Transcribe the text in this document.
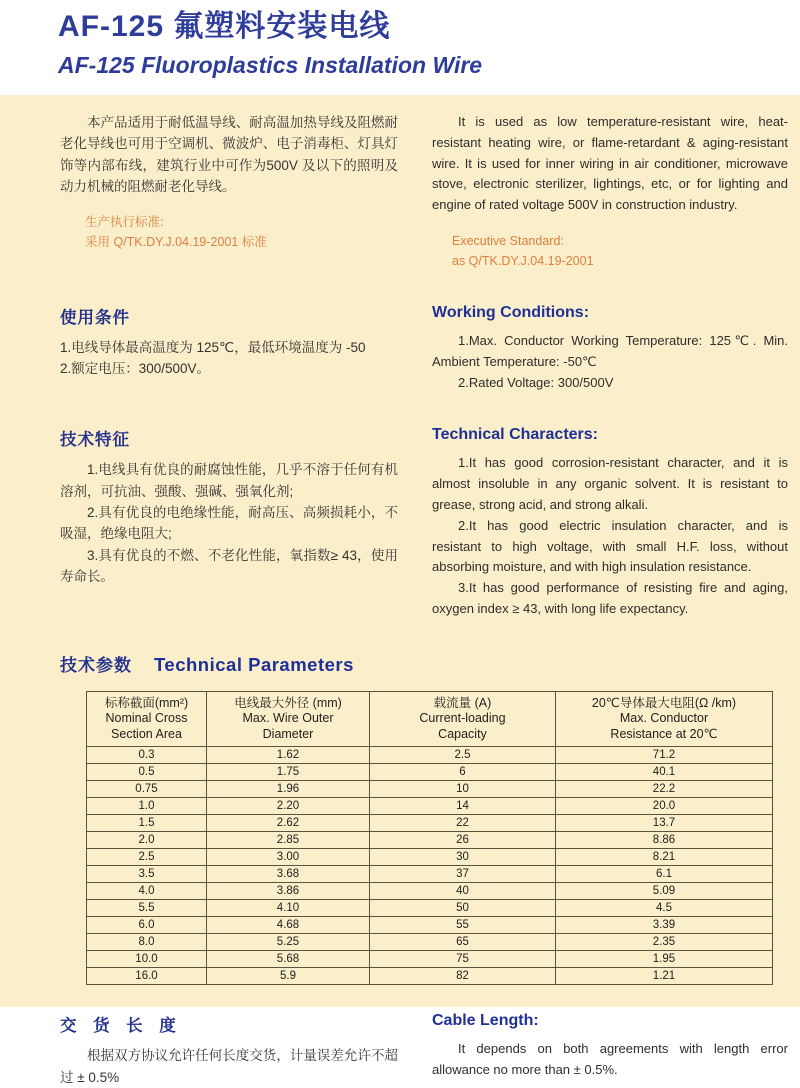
AF-125 氟塑料安装电线
AF-125 Fluoroplastics Installation Wire

本产品适用于耐低温导线、耐高温加热导线及阻燃耐老化导线也可用于空调机、微波炉、电子消毒柜、灯具灯饰等内部布线，建筑行业中可作为500V 及以下的照明及动力机械的阻燃耐老化导线。

生产执行标准:

采用 Q/TK.DY.J.04.19-2001 标准

It is used as low temperature-resistant wire, heat-resistant heating wire, or flame-retardant & aging-resistant wire. It is used for inner wiring in air conditioner, microwave stove, electronic sterilizer, lightings, etc, or for lighting and engine of rated voltage 500V in construction industry.

Executive Standard:

as Q/TK.DY.J.04.19-2001

使用条件

1.电线导体最高温度为 125℃，最低环境温度为 -50

2.额定电压：300/500V。

Working Conditions:

1.Max. Conductor Working Temperature: 125℃. Min. Ambient Temperature: -50℃

2.Rated Voltage: 300/500V

技术特征

1.电线具有优良的耐腐蚀性能，几乎不溶于任何有机溶剂，可抗油、强酸、强碱、强氧化剂;

2.具有优良的电绝缘性能，耐高压、高频损耗小，不吸湿，绝缘电阻大;

3.具有优良的不燃、不老化性能，氧指数≥ 43，使用寿命长。

Technical Characters:

1.It has good corrosion-resistant character, and it is almost insoluble in any organic solvent. It is resistant to grease, strong acid, and strong alkali.

2.It has good electric insulation character, and is resistant to high voltage, with small H.F. loss, without absorbing moisture, and with high insulation resistance.

3.It has good performance of resisting fire and aging, oxygen index ≥ 43, with long life expectancy.

技术参数 Technical Parameters
标称截面(mm²)
Nominal Cross
Section Area

电线最大外径 (mm)
Max. Wire Outer
Diameter

载流量 (A)
Current-loading
Capacity

20℃导体最大电阻(Ω /km)
Max. Conductor
Resistance at 20℃

0.3	1.62	2.5	71.2
0.5	1.75	6	40.1
0.75	1.96	10	22.2
1.0	2.20	14	20.0
1.5	2.62	22	13.7
2.0	2.85	26	8.86
2.5	3.00	30	8.21
3.5	3.68	37	6.1
4.0	3.86	40	5.09
5.5	4.10	50	4.5
6.0	4.68	55	3.39
8.0	5.25	65	2.35
10.0	5.68	75	1.95
16.0	5.9	82	1.21
交 货 长 度

根据双方协议允许任何长度交货，计量误差允许不超过 ± 0.5%

Cable Length:

It depends on both agreements with length error allowance no more than ± 0.5%.
